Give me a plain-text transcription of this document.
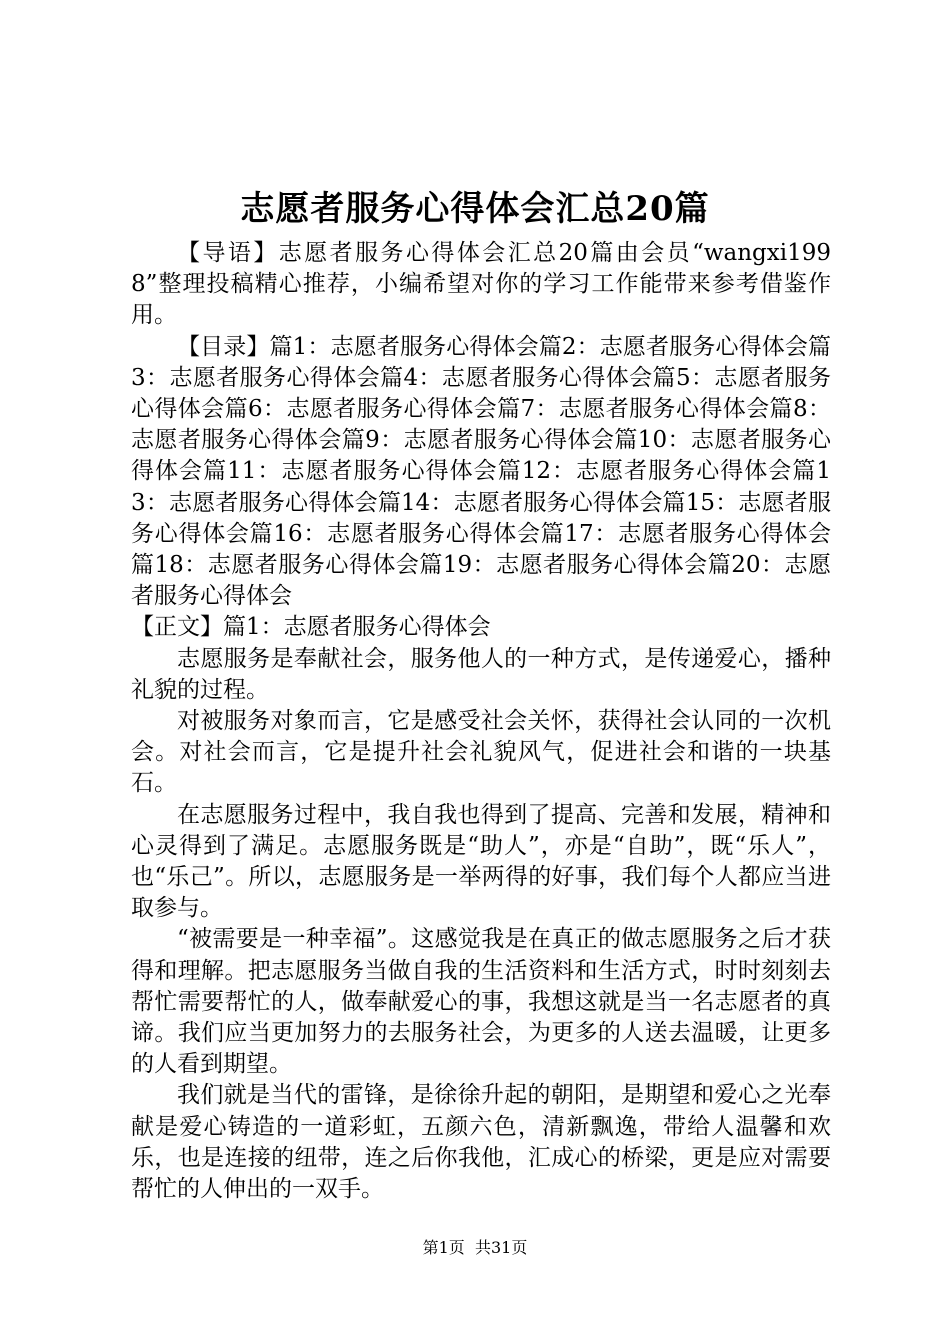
志愿者服务心得体会汇总20篇

【导语】志愿者服务心得体会汇总20篇由会员“wangxi1998”整理投稿精心推荐，小编希望对你的学习工作能带来参考借鉴作用。

【目录】篇1：志愿者服务心得体会篇2：志愿者服务心得体会篇3：志愿者服务心得体会篇4：志愿者服务心得体会篇5：志愿者服务心得体会篇6：志愿者服务心得体会篇7：志愿者服务心得体会篇8：志愿者服务心得体会篇9：志愿者服务心得体会篇10：志愿者服务心得体会篇11：志愿者服务心得体会篇12：志愿者服务心得体会篇13：志愿者服务心得体会篇14：志愿者服务心得体会篇15：志愿者服务心得体会篇16：志愿者服务心得体会篇17：志愿者服务心得体会篇18：志愿者服务心得体会篇19：志愿者服务心得体会篇20：志愿者服务心得体会

【正文】篇1：志愿者服务心得体会

志愿服务是奉献社会，服务他人的一种方式，是传递爱心，播种礼貌的过程。

对被服务对象而言，它是感受社会关怀，获得社会认同的一次机会。对社会而言，它是提升社会礼貌风气，促进社会和谐的一块基石。

在志愿服务过程中，我自我也得到了提高、完善和发展，精神和心灵得到了满足。志愿服务既是“助人”，亦是“自助”，既“乐人”，也“乐己”。所以，志愿服务是一举两得的好事，我们每个人都应当进取参与。

“被需要是一种幸福”。这感觉我是在真正的做志愿服务之后才获得和理解。把志愿服务当做自我的生活资料和生活方式，时时刻刻去帮忙需要帮忙的人，做奉献爱心的事，我想这就是当一名志愿者的真谛。我们应当更加努力的去服务社会，为更多的人送去温暖，让更多的人看到期望。

我们就是当代的雷锋，是徐徐升起的朝阳，是期望和爱心之光奉献是爱心铸造的一道彩虹，五颜六色，清新飘逸，带给人温馨和欢乐，也是连接的纽带，连之后你我他，汇成心的桥梁，更是应对需要帮忙的人伸出的一双手。

第1页 共31页
